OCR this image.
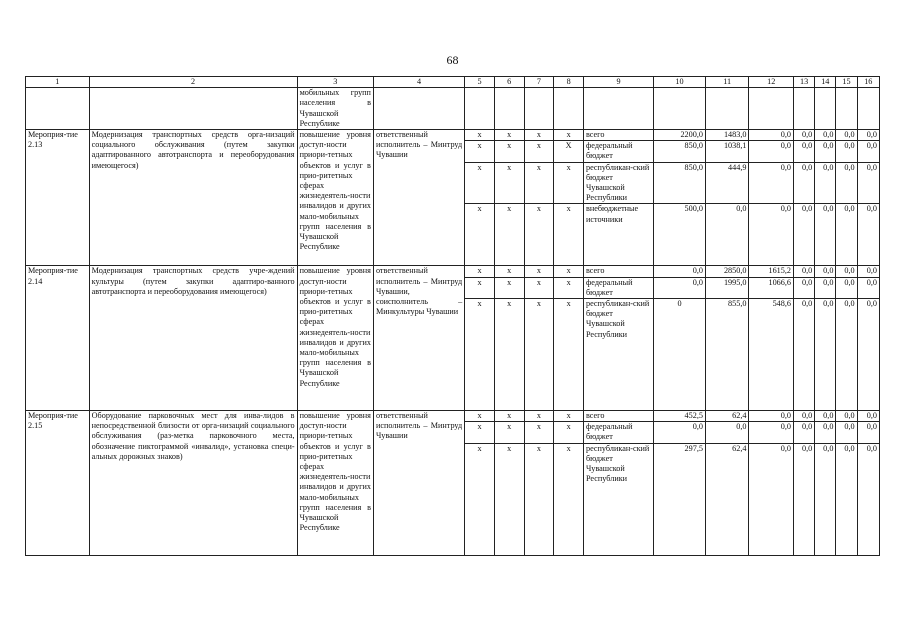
68
1	2	3	4	5	6	7	8	9	10	11	12	13	14	15	16
		мобильных групп населения в Чувашской Республике													
Мероприя-тие 2.13	Модернизация транспортных средств орга-низаций социального обслуживания (путем закупки адаптированного автотранспорта и переоборудования имеющегося)	повышение уровня доступ-ности приори-тетных объектов и услуг в прио-ритетных сферах жизнедеятель-ности инвалидов и других мало-мобильных групп населения в Чувашской Республике	ответственный исполнитель – Минтруд Чувашии	х	х	х	х	всего	2200,0	1483,0	0,0	0,0	0,0	0,0	0,0
				х	х	х	Х	федеральный бюджет	850,0	1038,1	0,0	0,0	0,0	0,0	0,0
				х	х	х	х	республикан-ский бюджет Чувашской Республики	850,0	444,9	0,0	0,0	0,0	0,0	0,0
				х	х	х	х	внебюджетные источники	500,0	0,0	0,0	0,0	0,0	0,0	0,0
Мероприя-тие 2.14	Модернизация транспортных средств учре-ждений культуры (путем закупки адаптиро-ванного автотранспорта и переоборудования имеющегося)	повышение уровня доступ-ности приори-тетных объектов и услуг в прио-ритетных сферах жизнедеятель-ности инвалидов и других мало-мобильных групп населения в Чувашской Республике	ответственный исполнитель – Минтруд Чувашии, соисполнитель – Минкультуры Чувашии	х	х	х	х	всего	0,0	2850,0	1615,2	0,0	0,0	0,0	0,0
				х	х	х	х	федеральный бюджет	0,0	1995,0	1066,6	0,0	0,0	0,0	0,0
				х	х	х	х	республикан-ский бюджет Чувашской Республики	0	855,0	548,6	0,0	0,0	0,0	0,0
Мероприя-тие 2.15	Оборудование парковочных мест для инва-лидов в непосредственной близости от орга-низаций социального обслуживания (раз-метка парковочного места, обозначение пиктограммой «инвалид», установка специ-альных дорожных знаков)	повышение уровня доступ-ности приори-тетных объектов и услуг в прио-ритетных сферах жизнедеятель-ности инвалидов и других мало-мобильных групп населения в Чувашской Республике	ответственный исполнитель – Минтруд Чувашии	х	х	х	х	всего	452,5	62,4	0,0	0,0	0,0	0,0	0,0
				х	х	х	х	федеральный бюджет	0,0	0,0	0,0	0,0	0,0	0,0	0,0
				х	х	х	х	республикан-ский бюджет Чувашской Республики	297,5	62,4	0,0	0,0	0,0	0,0	0,0
